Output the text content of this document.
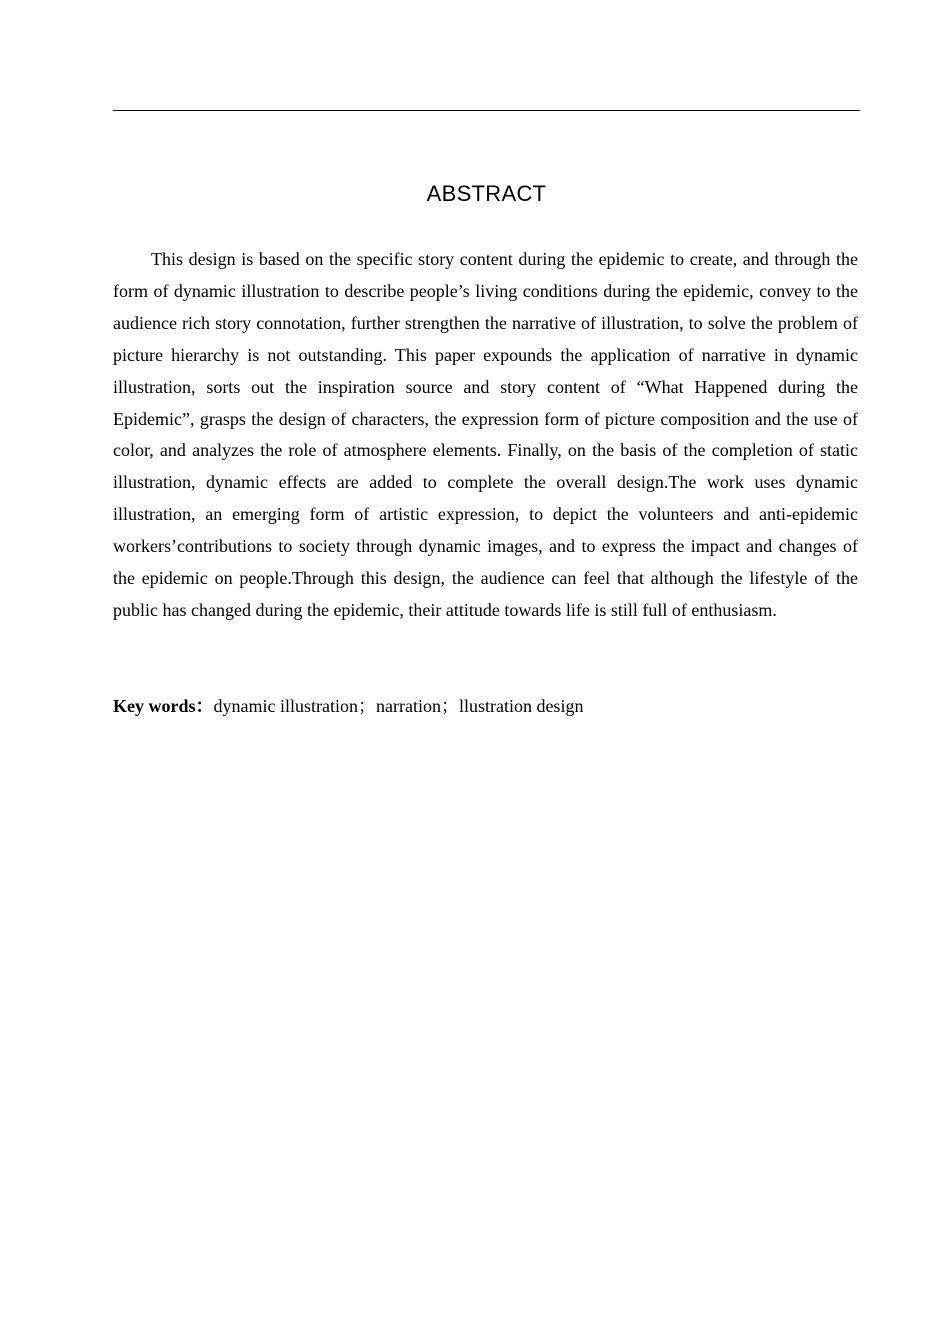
ABSTRACT

This design is based on the specific story content during the epidemic to create, and through the form of dynamic illustration to describe people’s living conditions during the epidemic, convey to the audience rich story connotation, further strengthen the narrative of illustration, to solve the problem of picture hierarchy is not outstanding. This paper expounds the application of narrative in dynamic illustration, sorts out the inspiration source and story content of “What Happened during the Epidemic”, grasps the design of characters, the expression form of picture composition and the use of color, and analyzes the role of atmosphere elements. Finally, on the basis of the completion of static illustration, dynamic effects are added to complete the overall design.The work uses dynamic illustration, an emerging form of artistic expression, to depict the volunteers and anti-epidemic workers’contributions to society through dynamic images, and to express the impact and changes of the epidemic on people.Through this design, the audience can feel that although the lifestyle of the public has changed during the epidemic, their attitude towards life is still full of enthusiasm.

Key words：dynamic illustration；narration；llustration design
